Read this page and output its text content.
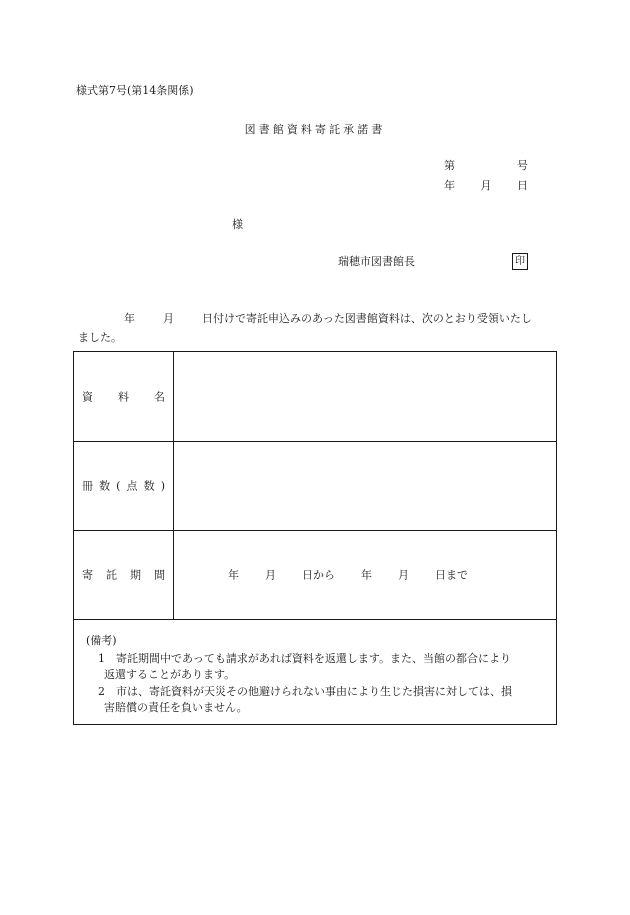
様式第7号(第14条関係)
図書館資料寄託承諾書
第	号
年 月 日
様
瑞穂市図書館長	印
年	月	日付けで寄託申込みのあった図書館資料は、次のとおり受領いたし
ました。
資 料 名
冊 数 ( 点 数 )
寄 託 期 間	年 月 日から 年 月 日まで
(備考)
1　寄託期間中であっても請求があれば資料を返還します。また、当館の都合により
返還することがあります。
2　市は、寄託資料が天災その他避けられない事由により生じた損害に対しては、損
害賠償の責任を負いません。
